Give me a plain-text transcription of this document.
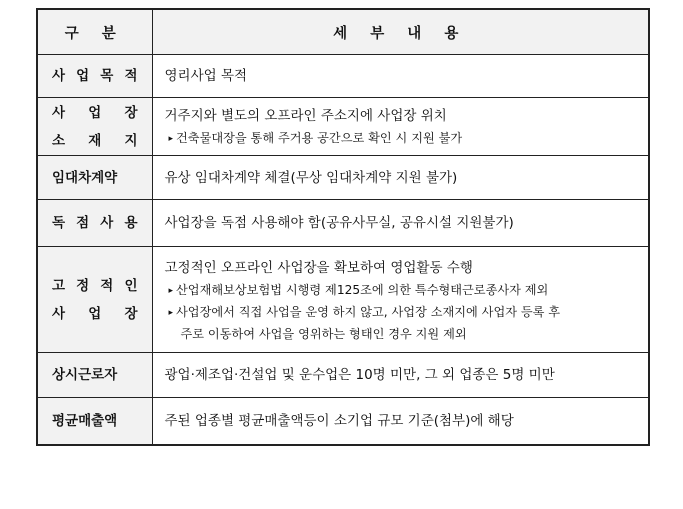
구 분	세 부 내 용

사 업 목 적	영리사업 목적

사 업 장
소 재 지	거주지와 별도의 오프라인 주소지에 사업장 위치
▸ 건축물대장을 통해 주거용 공간으로 확인 시 지원 불가

임대차계약	유상 임대차계약 체결(무상 임대차계약 지원 불가)

독 점 사 용	사업장을 독점 사용해야 함(공유사무실, 공유시설 지원불가)

고 정 적 인
사 업 장	고정적인 오프라인 사업장을 확보하여 영업활동 수행
▸ 산업재해보상보험법 시행령 제125조에 의한 특수형태근로종사자 제외
▸ 사업장에서 직접 사업을 운영 하지 않고, 사업장 소재지에 사업자 등록 후
주로 이동하여 사업을 영위하는 형태인 경우 지원 제외

상시근로자	광업·제조업·건설업 및 운수업은 10명 미만, 그 외 업종은 5명 미만

평균매출액	주된 업종별 평균매출액등이 소기업 규모 기준(첨부)에 해당
